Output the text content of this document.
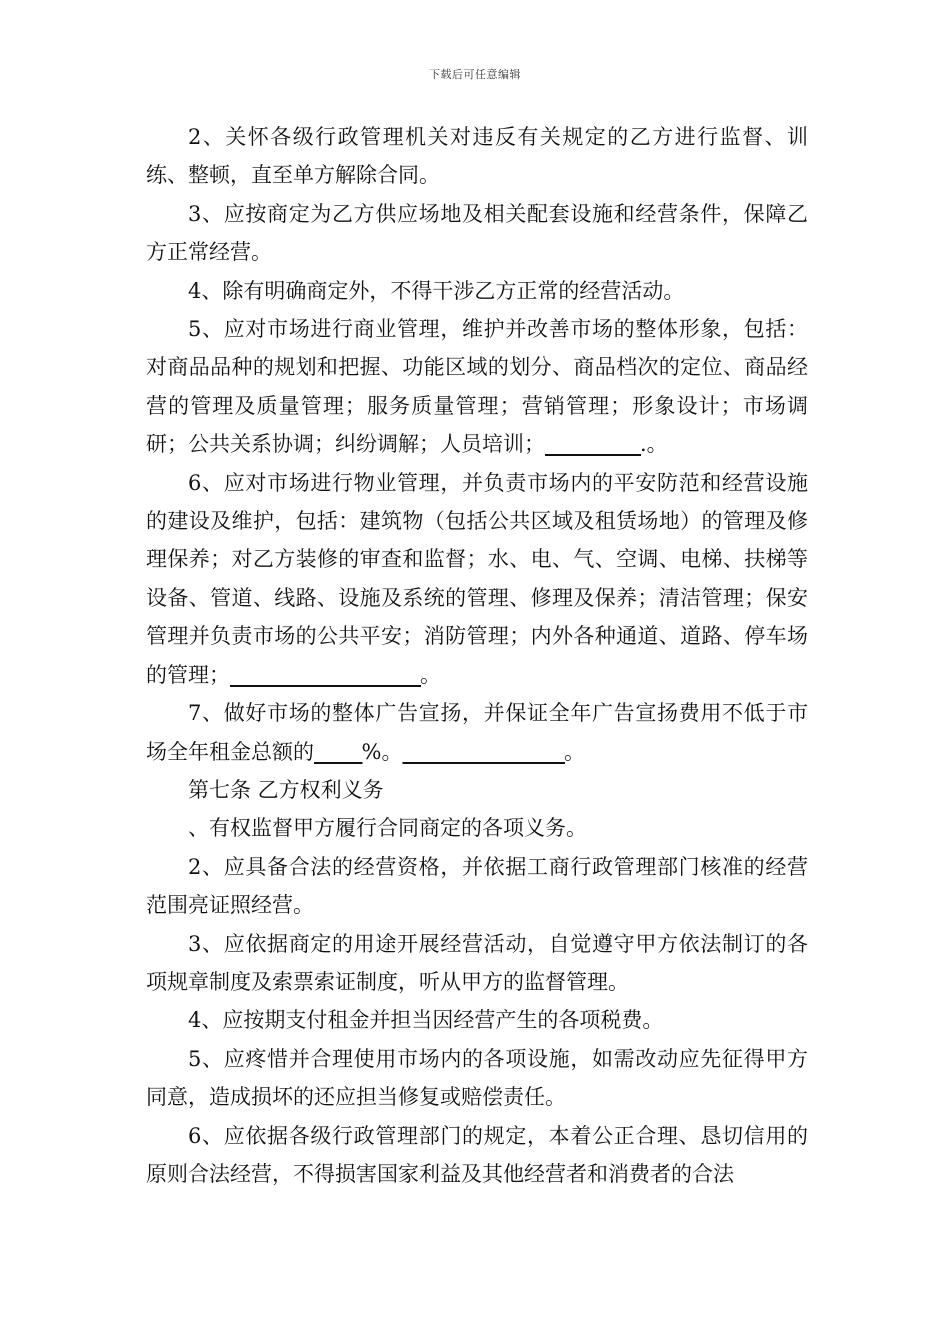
下载后可任意编辑

2、关怀各级行政管理机关对违反有关规定的乙方进行监督、训练、整顿，直至单方解除合同。

3、应按商定为乙方供应场地及相关配套设施和经营条件，保障乙方正常经营。

4、除有明确商定外，不得干涉乙方正常的经营活动。

5、应对市场进行商业管理，维护并改善市场的整体形象，包括：对商品品种的规划和把握、功能区域的划分、商品档次的定位、商品经营的管理及质量管理；服务质量管理；营销管理；形象设计；市场调研；公共关系协调；纠纷调解；人员培训；__________.。

6、应对市场进行物业管理，并负责市场内的平安防范和经营设施的建设及维护，包括：建筑物（包括公共区域及租赁场地）的管理及修理保养；对乙方装修的审查和监督；水、电、气、空调、电梯、扶梯等设备、管道、线路、设施及系统的管理、修理及保养；清洁管理；保安管理并负责市场的公共平安；消防管理；内外各种通道、道路、停车场的管理；____________________。

7、做好市场的整体广告宣扬，并保证全年广告宣扬费用不低于市场全年租金总额的_____%。_________________。

第七条 乙方权利义务

、有权监督甲方履行合同商定的各项义务。

2、应具备合法的经营资格，并依据工商行政管理部门核准的经营范围亮证照经营。

3、应依据商定的用途开展经营活动，自觉遵守甲方依法制订的各项规章制度及索票索证制度，听从甲方的监督管理。

4、应按期支付租金并担当因经营产生的各项税费。

5、应疼惜并合理使用市场内的各项设施，如需改动应先征得甲方同意，造成损坏的还应担当修复或赔偿责任。

6、应依据各级行政管理部门的规定，本着公正合理、恳切信用的原则合法经营，不得损害国家利益及其他经营者和消费者的合法
